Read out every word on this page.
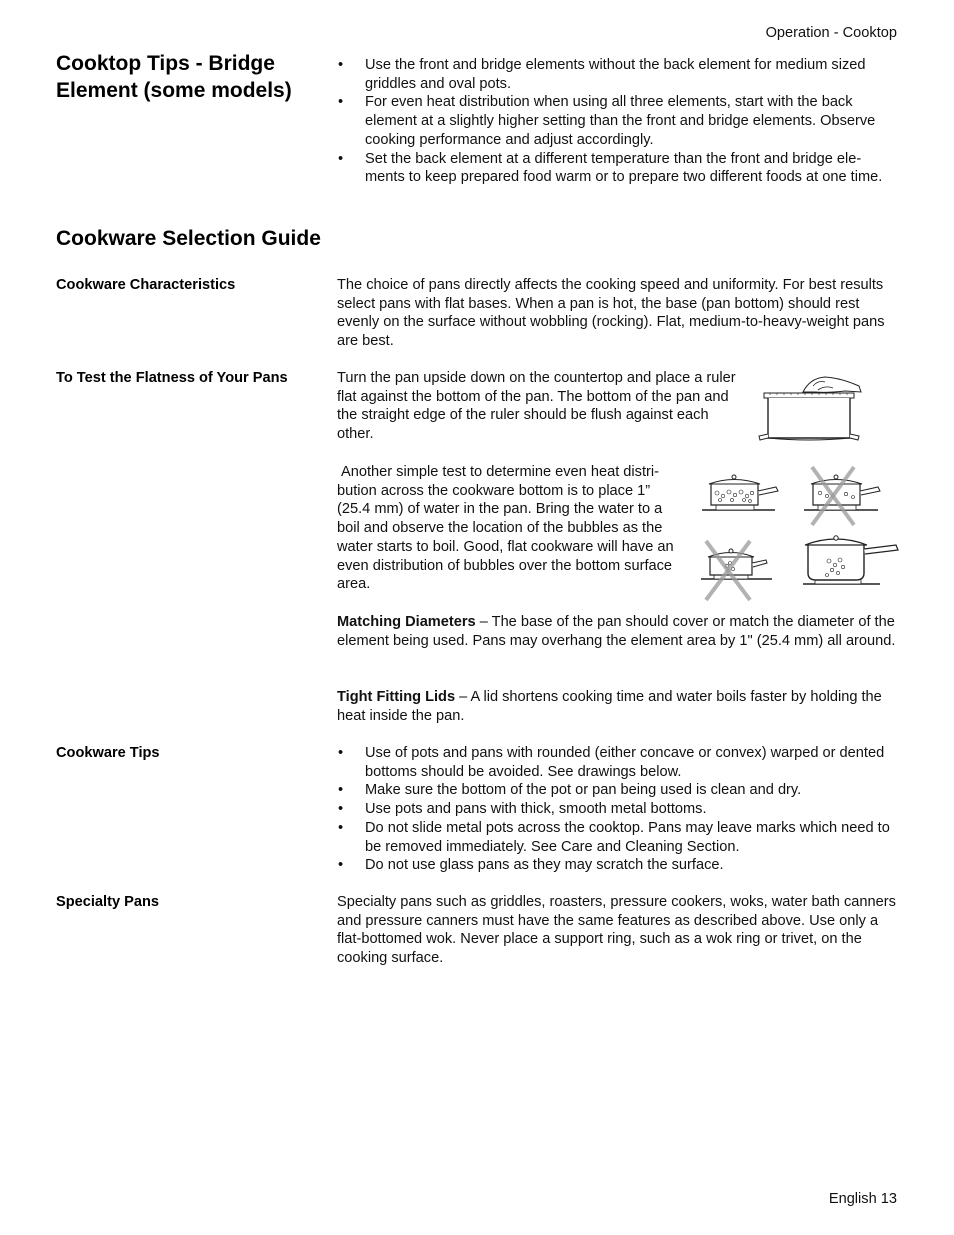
Operation - Cooktop
Cooktop Tips - Bridge
Element (some models)
• Use the front and bridge elements without the back element for medium sized griddles and oval pots.
• For even heat distribution when using all three elements, start with the back element at a slightly higher setting than the front and bridge elements. Observe cooking performance and adjust accordingly.
• Set the back element at a different temperature than the front and bridge ele-ments to keep prepared food warm or to prepare two different foods at one time.
Cookware Selection Guide
Cookware Characteristics	The choice of pans directly affects the cooking speed and uniformity. For best results select pans with flat bases. When a pan is hot, the base (pan bottom) should rest evenly on the surface without wobbling (rocking). Flat, medium-to-heavy-weight pans are best.

To Test the Flatness of Your Pans	Turn the pan upside down on the countertop and place a ruler flat against the bottom of the pan. The bottom of the pan and the straight edge of the ruler should be flush against each other.

Another simple test to determine even heat distri-bution across the cookware bottom is to place 1” (25.4 mm) of water in the pan. Bring the water to a boil and observe the location of the bubbles as the water starts to boil. Good, flat cookware will have an even distribution of bubbles over the bottom surface area.

Matching Diameters – The base of the pan should cover or match the diameter of the element being used. Pans may overhang the element area by 1" (25.4 mm) all around.

Tight Fitting Lids – A lid shortens cooking time and water boils faster by holding the heat inside the pan.

Cookware Tips
•	Use of pots and pans with rounded (either concave or convex) warped or dented bottoms should be avoided. See drawings below.
• Make sure the bottom of the pot or pan being used is clean and dry.
• Use pots and pans with thick, smooth metal bottoms.
• Do not slide metal pots across the cooktop. Pans may leave marks which need to be removed immediately. See Care and Cleaning Section.
• Do not use glass pans as they may scratch the surface.
Specialty Pans	Specialty pans such as griddles, roasters, pressure cookers, woks, water bath canners and pressure canners must have the same features as described above. Use only a flat-bottomed wok. Never place a support ring, such as a wok ring or trivet, on the cooking surface.

English 13
